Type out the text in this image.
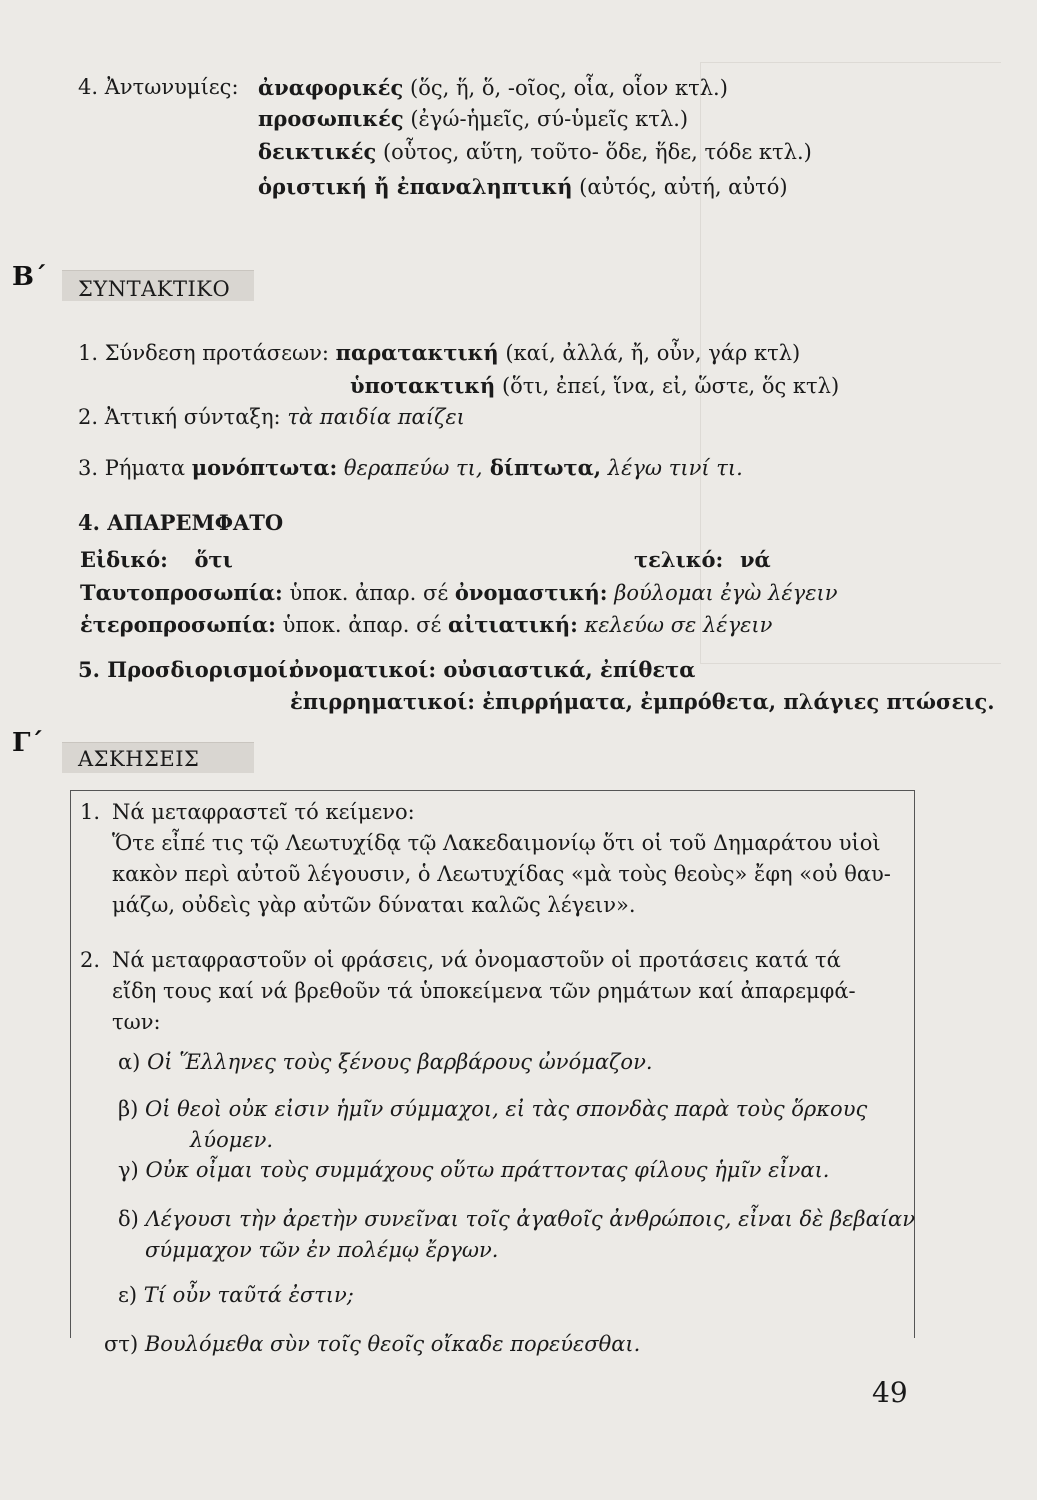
4. Ἀντωνυμίες: ἀναφορικές (ὅς, ἥ, ὅ, -οῖος, οἷα, οἷον κτλ.)
προσωπικές (ἐγώ-ἡμεῖς, σύ-ὑμεῖς κτλ.)
δεικτικές (οὗτος, αὕτη, τοῦτο- ὅδε, ἥδε, τόδε κτλ.)
ὁριστική ἤ ἐπαναληπτική (αὐτός, αὐτή, αὐτό)
Β΄ ΣΥΝΤΑΚΤΙΚΟ
1. Σύνδεση προτάσεων: παρατακτική (καί, ἀλλά, ἤ, οὖν, γάρ κτλ)
ὑποτακτική (ὅτι, ἐπεί, ἵνα, εἰ, ὥστε, ὅς κτλ)
2. Ἀττική σύνταξη: τὰ παιδία παίζει
3. Ρήματα μονόπτωτα: θεραπεύω τι, δίπτωτα, λέγω τινί τι.
4. ΑΠΑΡΕΜΦΑΤΟ
Εἰδικό: ὅτι	τελικό: νά
Ταυτοπροσωπία: ὑποκ. ἀπαρ. σέ ὀνομαστική: βούλομαι ἐγὼ λέγειν
ἑτεροπροσωπία: ὑποκ. ἀπαρ. σέ αἰτιατική: κελεύω σε λέγειν
5. Προσδιορισμοί:
ὀνοματικοί: οὐσιαστικά, ἐπίθετα
ἐπιρρηματικοί: ἐπιρρήματα, ἐμπρόθετα, πλάγιες πτώσεις.
Γ΄
ΑΣΚΗΣΕΙΣ
1. Νά μεταφραστεῖ τό κείμενο:
Ὅτε εἶπέ τις τῷ Λεωτυχίδᾳ τῷ Λακεδαιμονίῳ ὅτι οἱ τοῦ Δημαράτου υἱοὶ
κακὸν περὶ αὐτοῦ λέγουσιν, ὁ Λεωτυχίδας «μὰ τοὺς θεοὺς» ἔφη «οὐ θαυ-
μάζω, οὐδεὶς γὰρ αὐτῶν δύναται καλῶς λέγειν».
2. Νά μεταφραστοῦν οἱ φράσεις, νά ὀνομαστοῦν οἱ προτάσεις κατά τά
εἴδη τους καί νά βρεθοῦν τά ὑποκείμενα τῶν ρημάτων καί ἀπαρεμφά-
των:
α) Οἱ Ἕλληνες τοὺς ξένους βαρβάρους ὠνόμαζον.
β) Οἱ θεοὶ οὐκ εἰσιν ἡμῖν σύμμαχοι, εἰ τὰς σπονδὰς παρὰ τοὺς ὅρκους
λύομεν.
γ) Οὐκ οἶμαι τοὺς συμμάχους οὕτω πράττοντας φίλους ἡμῖν εἶναι.
δ) Λέγουσι τὴν ἀρετὴν συνεῖναι τοῖς ἀγαθοῖς ἀνθρώποις, εἶναι δὲ βεβαίαν
σύμμαχον τῶν ἐν πολέμῳ ἔργων.
ε) Τί οὖν ταῦτά ἐστιν;
στ) Βουλόμεθα σὺν τοῖς θεοῖς οἴκαδε πορεύεσθαι.
49
